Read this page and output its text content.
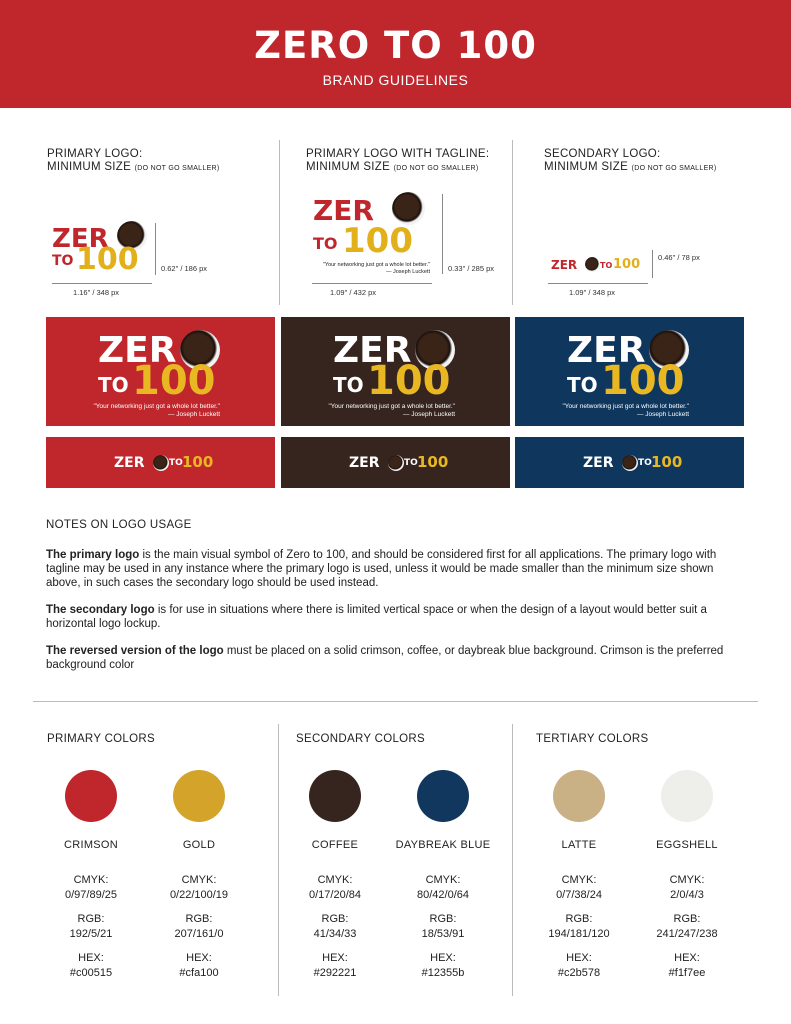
ZERO TO 100
BRAND GUIDELINES
PRIMARY LOGO:
MINIMUM SIZE (DO NOT GO SMALLER)
PRIMARY LOGO WITH TAGLINE:
MINIMUM SIZE (DO NOT GO SMALLER)
SECONDARY LOGO:
MINIMUM SIZE (DO NOT GO SMALLER)
ZER
TO 100	0.62" / 186 px
1.16" / 348 px
ZER
TO 100
"Your networking just got a whole lot better."
— Joseph Luckett 0.33" / 285 px
1.09" / 432 px
ZER	TO 100 0.46" / 78 px
1.09" / 348 px
ZER
TO 100
"Your networking just got a whole lot better."
— Joseph Luckett
ZER
TO 100
"Your networking just got a whole lot better."
— Joseph Luckett
ZER
TO 100
"Your networking just got a whole lot better."
— Joseph Luckett
ZER	TO 100	ZER	TO 100	ZER	TO 100
NOTES ON LOGO USAGE

The primary logo is the main visual symbol of Zero to 100, and should be considered first for all applications. The primary logo with tagline may be used in any instance where the primary logo is used, unless it would be made smaller than the minimum size shown above, in such cases the secondary logo should be used instead.

The secondary logo is for use in situations where there is limited vertical space or when the design of a layout would better suit a horizontal logo lockup.

The reversed version of the logo must be placed on a solid crimson, coffee, or daybreak blue background. Crimson is the preferred background color

PRIMARY COLORS	SECONDARY COLORS	TERTIARY COLORS
CRIMSON
CMYK:
0/97/89/25
RGB:
192/5/21
HEX:
#c00515
GOLD
CMYK:
0/22/100/19
RGB:
207/161/0
HEX:
#cfa100
COFFEE
CMYK:
0/17/20/84
RGB:
41/34/33
HEX:
#292221
DAYBREAK BLUE
CMYK:
80/42/0/64
RGB:
18/53/91
HEX:
#12355b
LATTE
CMYK:
0/7/38/24
RGB:
194/181/120
HEX:
#c2b578
EGGSHELL
CMYK:
2/0/4/3
RGB:
241/247/238
HEX:
#f1f7ee
